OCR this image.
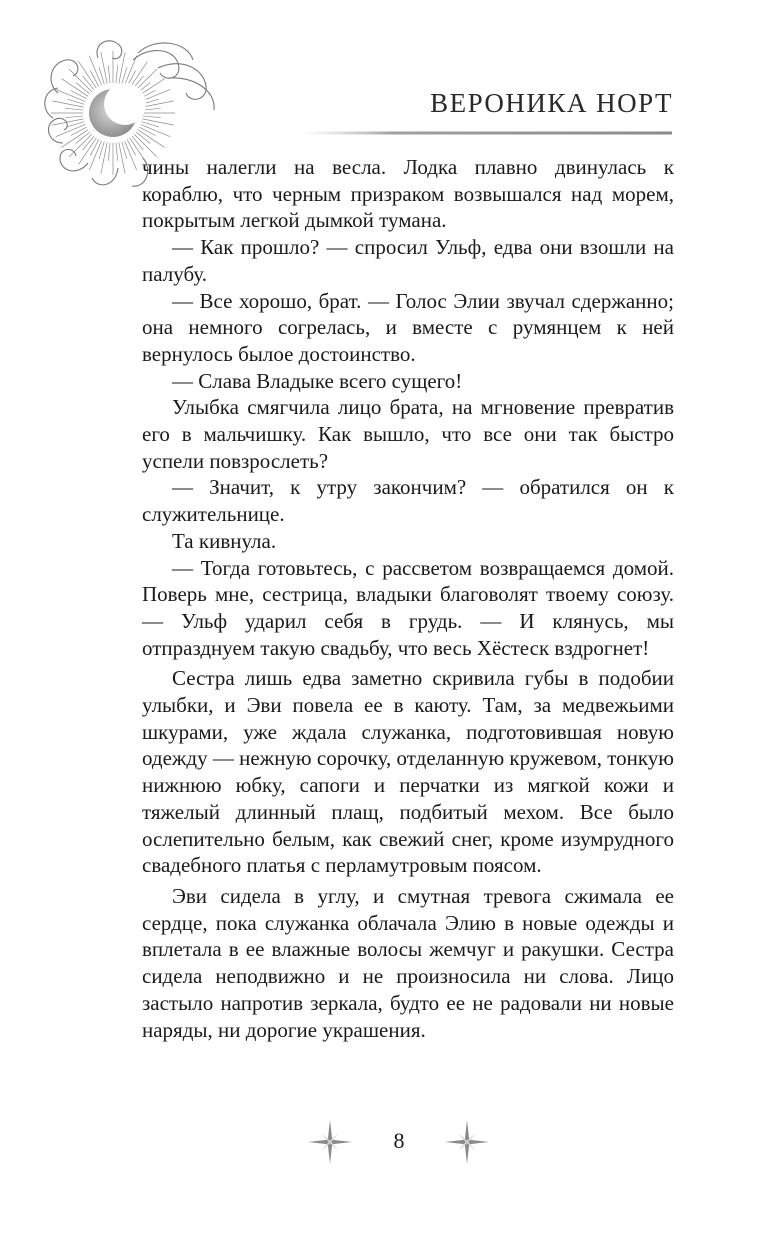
ВЕРОНИКА НОРТ

чины налегли на весла. Лодка плавно двинулась к кораблю, что черным призраком возвышался над морем, покрытым легкой дымкой тумана.

— Как прошло? — спросил Ульф, едва они взошли на палубу.

— Все хорошо, брат. — Голос Элии звучал сдержанно; она немного согрелась, и вместе с румянцем к ней вернулось былое достоинство.

— Слава Владыке всего сущего!

Улыбка смягчила лицо брата, на мгновение превратив его в мальчишку. Как вышло, что все они так быстро успели повзрослеть?

— Значит, к утру закончим? — обратился он к служительнице.

Та кивнула.

— Тогда готовьтесь, с рассветом возвращаемся домой. Поверь мне, сестрица, владыки благоволят твоему союзу. — Ульф ударил себя в грудь. — И клянусь, мы отпразднуем такую свадьбу, что весь Хёстеск вздрогнет!

Сестра лишь едва заметно скривила губы в подобии улыбки, и Эви повела ее в каюту. Там, за медвежьими шкурами, уже ждала служанка, подготовившая новую одежду — нежную сорочку, отделанную кружевом, тонкую нижнюю юбку, сапоги и перчатки из мягкой кожи и тяжелый длинный плащ, подбитый мехом. Все было ослепительно белым, как свежий снег, кроме изумрудного свадебного платья с перламутровым поясом.

Эви сидела в углу, и смутная тревога сжимала ее сердце, пока служанка облачала Элию в новые одежды и вплетала в ее влажные волосы жемчуг и ракушки. Сестра сидела неподвижно и не произносила ни слова. Лицо застыло напротив зеркала, будто ее не радовали ни новые наряды, ни дорогие украшения.

8
